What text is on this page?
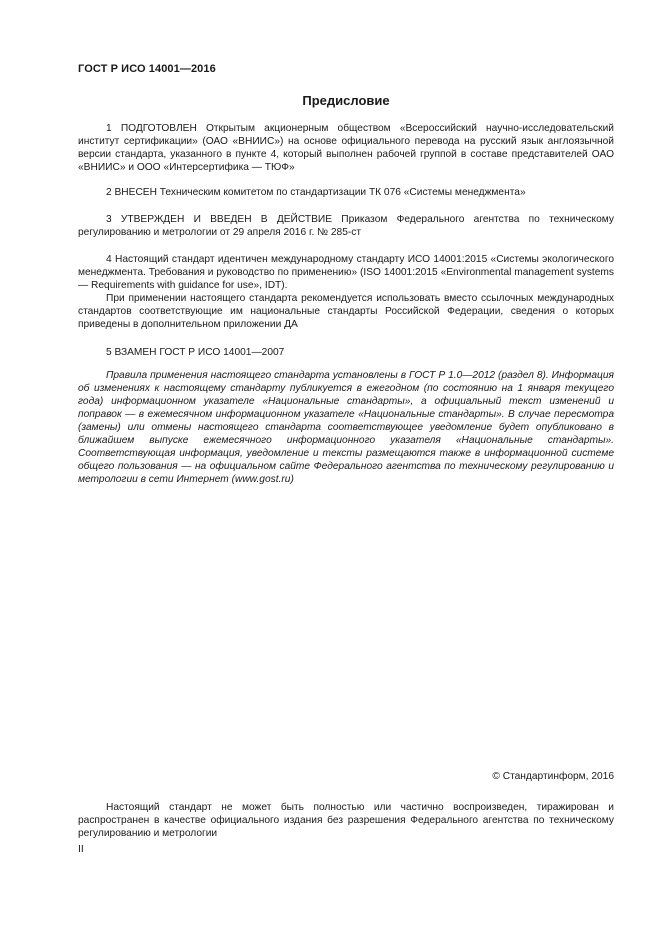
ГОСТ Р ИСО 14001—2016
Предисловие

1 ПОДГОТОВЛЕН Открытым акционерным обществом «Всероссийский научно-исследовательский институт сертификации» (ОАО «ВНИИС») на основе официального перевода на русский язык англоязычной версии стандарта, указанного в пункте 4, который выполнен рабочей группой в составе представителей ОАО «ВНИИС» и ООО «Интерсертифика — ТЮФ»

2 ВНЕСЕН Техническим комитетом по стандартизации ТК 076 «Системы менеджмента»

3 УТВЕРЖДЕН И ВВЕДЕН В ДЕЙСТВИЕ Приказом Федерального агентства по техническому регулированию и метрологии от 29 апреля 2016 г. № 285-ст

4 Настоящий стандарт идентичен международному стандарту ИСО 14001:2015 «Системы экологического менеджмента. Требования и руководство по применению» (ISO 14001:2015 «Environmental management systems — Requirements with guidance for use», IDT).

При применении настоящего стандарта рекомендуется использовать вместо ссылочных международных стандартов соответствующие им национальные стандарты Российской Федерации, сведения о которых приведены в дополнительном приложении ДА

5 ВЗАМЕН ГОСТ Р ИСО 14001—2007

Правила применения настоящего стандарта установлены в ГОСТ Р 1.0—2012 (раздел 8). Информация об изменениях к настоящему стандарту публикуется в ежегодном (по состоянию на 1 января текущего года) информационном указателе «Национальные стандарты», а официальный текст изменений и поправок — в ежемесячном информационном указателе «Национальные стандарты». В случае пересмотра (замены) или отмены настоящего стандарта соответствующее уведомление будет опубликовано в ближайшем выпуске ежемесячного информационного указателя «Национальные стандарты». Соответствующая информация, уведомление и тексты размещаются также в информационной системе общего пользования — на официальном сайте Федерального агентства по техническому регулированию и метрологии в сети Интернет (www.gost.ru)

© Стандартинформ, 2016

Настоящий стандарт не может быть полностью или частично воспроизведен, тиражирован и распространен в качестве официального издания без разрешения Федерального агентства по техническому регулированию и метрологии

II
